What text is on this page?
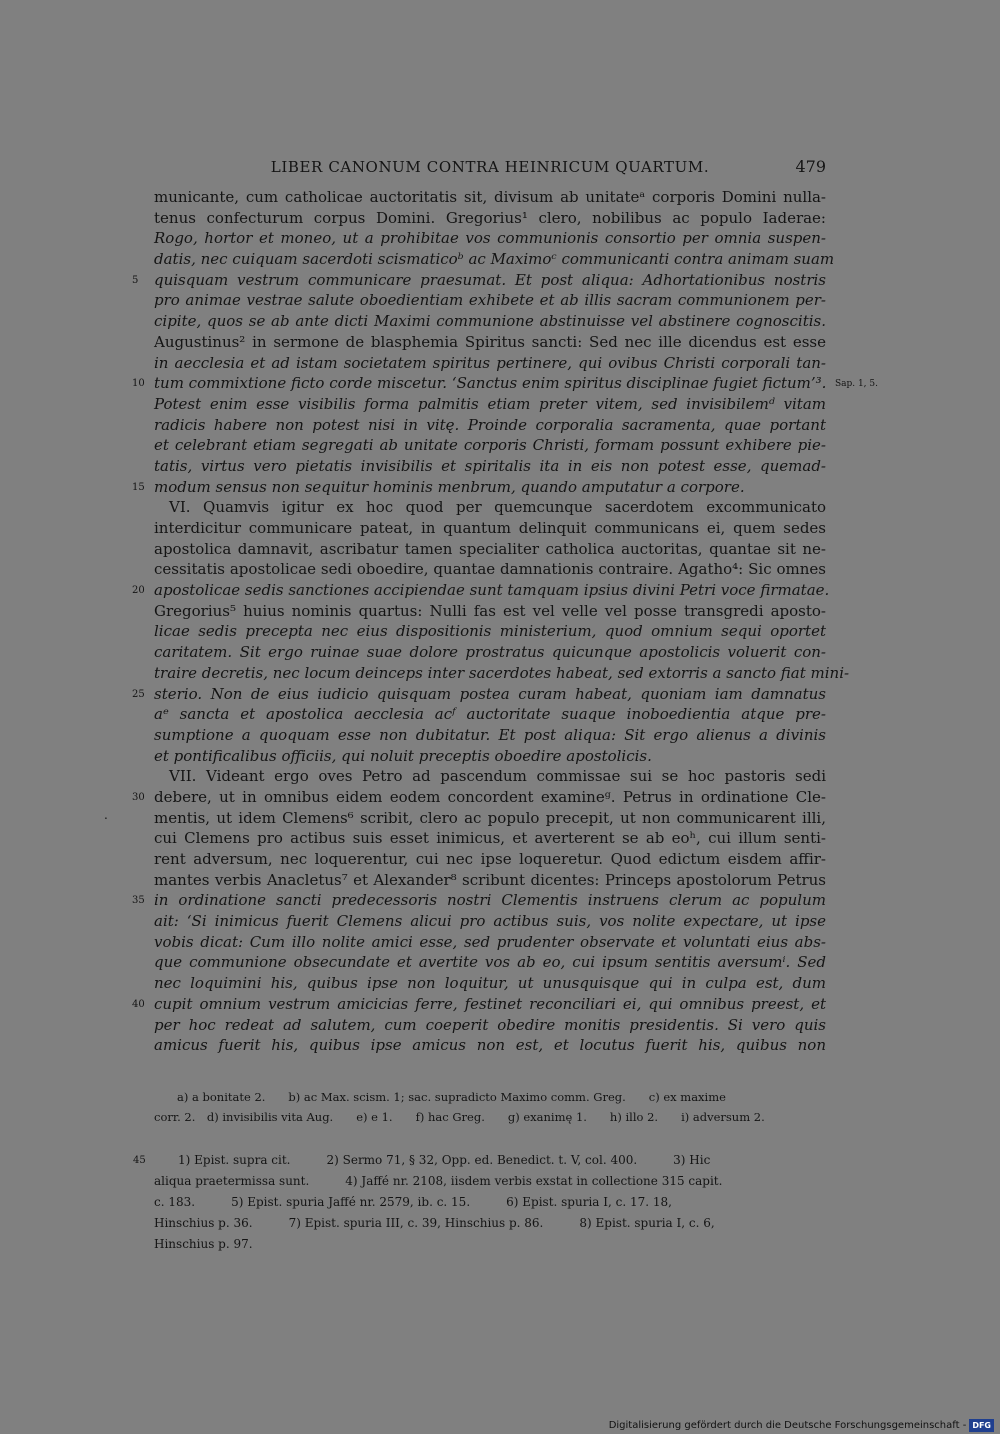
LIBER CANONUM CONTRA HEINRICUM QUARTUM.	479
municante, cum catholicae auctoritatis sit, divisum ab unitateᵃ corporis Domini nulla-
tenus confecturum corpus Domini. Gregorius¹ clero, nobilibus ac populo Iaderae:
Rogo, hortor et moneo, ut a prohibitae vos communionis consortio per omnia suspen-
datis, nec cuiquam sacerdoti scismaticoᵇ ac Maximoᶜ communicanti contra animam suam
5 quisquam vestrum communicare praesumat. Et post aliqua: Adhortationibus nostris
pro animae vestrae salute oboedientiam exhibete et ab illis sacram communionem per-
cipite, quos se ab ante dicti Maximi communione abstinuisse vel abstinere cognoscitis.
Augustinus² in sermone de blasphemia Spiritus sancti: Sed nec ille dicendus est esse
in aecclesia et ad istam societatem spiritus pertinere, qui ovibus Christi corporali tan-
10 tum commixtione ficto corde miscetur. ‘Sanctus enim spiritus disciplinae fugiet fictum’³. Sap. 1, 5.
Potest enim esse visibilis forma palmitis etiam preter vitem, sed invisibilemᵈ vitam
radicis habere non potest nisi in vitę. Proinde corporalia sacramenta, quae portant
et celebrant etiam segregati ab unitate corporis Christi, formam possunt exhibere pie-
tatis, virtus vero pietatis invisibilis et spiritalis ita in eis non potest esse, quemad-
15 modum sensus non sequitur hominis menbrum, quando amputatur a corpore.
 VI. Quamvis igitur ex hoc quod per quemcunque sacerdotem excommunicato
interdicitur communicare pateat, in quantum delinquit communicans ei, quem sedes
apostolica damnavit, ascribatur tamen specialiter catholica auctoritas, quantae sit ne-
cessitatis apostolicae sedi oboedire, quantae damnationis contraire. Agatho⁴: Sic omnes
20 apostolicae sedis sanctiones accipiendae sunt tamquam ipsius divini Petri voce firmatae.
Gregorius⁵ huius nominis quartus: Nulli fas est vel velle vel posse transgredi aposto-
licae sedis precepta nec eius dispositionis ministerium, quod omnium sequi oportet
caritatem. Sit ergo ruinae suae dolore prostratus quicunque apostolicis voluerit con-
traire decretis, nec locum deinceps inter sacerdotes habeat, sed extorris a sancto fiat mini-
25 sterio. Non de eius iudicio quisquam postea curam habeat, quoniam iam damnatus
aᵉ sancta et apostolica aecclesia acᶠ auctoritate suaque inoboedientia atque pre-
sumptione a quoquam esse non dubitatur. Et post aliqua: Sit ergo alienus a divinis
et pontificalibus officiis, qui noluit preceptis oboedire apostolicis.
 VII. Videant ergo oves Petro ad pascendum commissae sui se hoc pastoris sedi
30 debere, ut in omnibus eidem eodem concordent examineᵍ. Petrus in ordinatione Cle-
mentis, ut idem Clemens⁶ scribit, clero ac populo precepit, ut non communicarent illi,
cui Clemens pro actibus suis esset inimicus, et averterent se ab eoʰ, cui illum senti-
rent adversum, nec loquerentur, cui nec ipse loqueretur. Quod edictum eisdem affir-
mantes verbis Anacletus⁷ et Alexander⁸ scribunt dicentes: Princeps apostolorum Petrus
35 in ordinatione sancti predecessoris nostri Clementis instruens clerum ac populum
ait: ‘Si inimicus fuerit Clemens alicui pro actibus suis, vos nolite expectare, ut ipse
vobis dicat: Cum illo nolite amici esse, sed prudenter observate et voluntati eius abs-
que communione obsecundate et avertite vos ab eo, cui ipsum sentitis aversumⁱ. Sed
nec loquimini his, quibus ipse non loquitur, ut unusquisque qui in culpa est, dum
40 cupit omnium vestrum amicicias ferre, festinet reconciliari ei, qui omnibus preest, et
per hoc redeat ad salutem, cum coeperit obedire monitis presidentis. Si vero quis
amicus fuerit his, quibus ipse amicus non est, et locutus fuerit his, quibus non
.
  a) a bonitate 2.  b) ac Max. scism. 1; sac. supradicto Maximo comm. Greg.  c) ex maxime
corr. 2. d) invisibilis vita Aug.  e) e 1.  f) hac Greg.  g) exanimę 1.  h) illo 2.  i) adversum 2.
45   1) Epist. supra cit.   2) Sermo 71, § 32, Opp. ed. Benedict. t. V, col. 400.   3) Hic
aliqua praetermissa sunt.   4) Jaffé nr. 2108, iisdem verbis exstat in collectione 315 capit.
c. 183.   5) Epist. spuria Jaffé nr. 2579, ib. c. 15.   6) Epist. spuria I, c. 17. 18,
Hinschius p. 36.   7) Epist. spuria III, c. 39, Hinschius p. 86.   8) Epist. spuria I, c. 6,
Hinschius p. 97.
Digitalisierung gefördert durch die Deutsche Forschungsgemeinschaft - DFG
